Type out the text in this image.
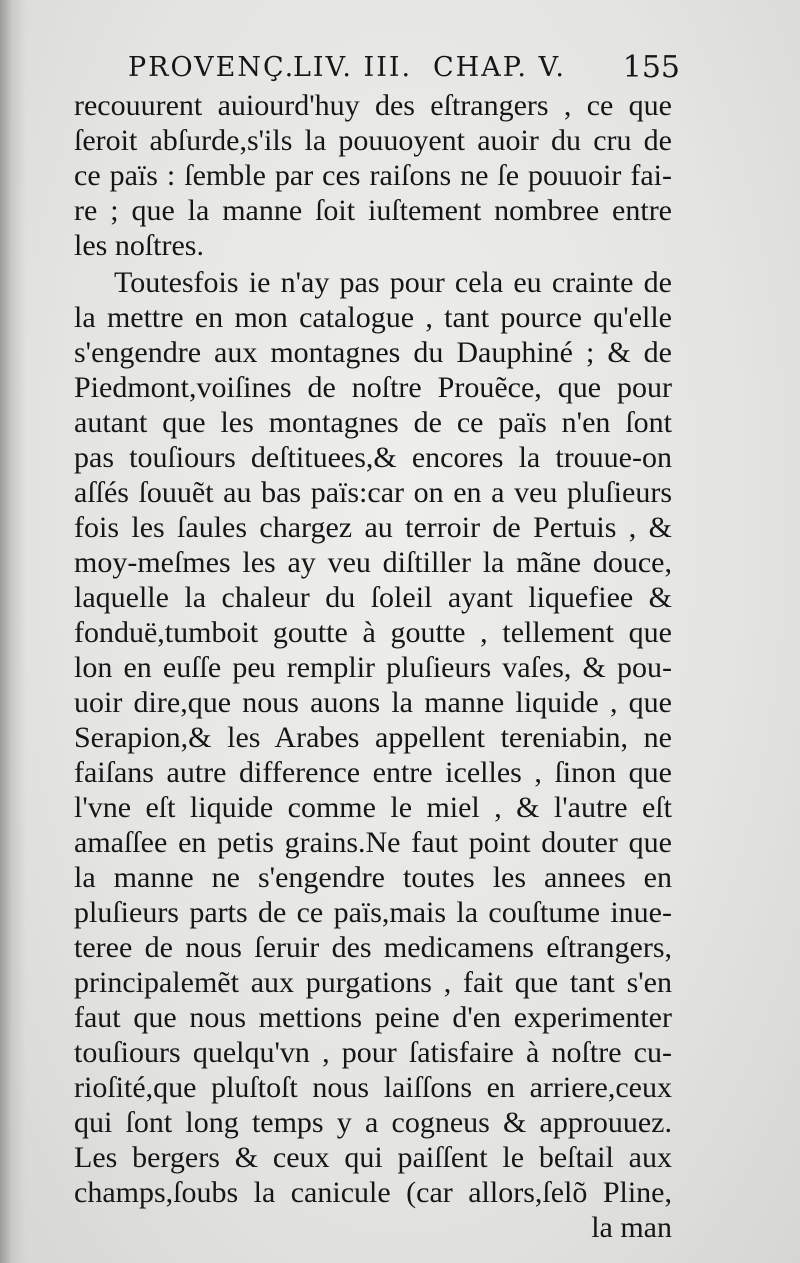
PROVENÇ.
LIV. III. CHAP. V. 155
recouurent auiourd'huy des eſtrangers , ce que
ſeroit abſurde,s'ils la pouuoyent auoir du cru de
ce païs : ſemble par ces raiſons ne ſe pouuoir fai-
re ; que la manne ſoit iuſtement nombree entre
les noſtres.
Toutesfois ie n'ay pas pour cela eu crainte de
la mettre en mon catalogue , tant pource qu'elle
s'engendre aux montagnes du Dauphiné ; & de
Piedmont,voiſines de noſtre Prouẽce, que pour
autant que les montagnes de ce païs n'en ſont
pas touſiours deſtituees,& encores la trouue-on
aſſés ſouuẽt au bas païs:car on en a veu pluſieurs
fois les ſaules chargez au terroir de Pertuis , &
moy-meſmes les ay veu diſtiller la mãne douce,
laquelle la chaleur du ſoleil ayant liquefiee &
fonduë,tumboit goutte à goutte , tellement que
lon en euſſe peu remplir pluſieurs vaſes, & pou-
uoir dire,que nous auons la manne liquide , que
Serapion,& les Arabes appellent tereniabin, ne
faiſans autre difference entre icelles , ſinon que
l'vne eſt liquide comme le miel , & l'autre eſt
amaſſee en petis grains.Ne faut point douter que
la manne ne s'engendre toutes les annees en
pluſieurs parts de ce païs,mais la couſtume inue-
teree de nous ſeruir des medicamens eſtrangers,
principalemẽt aux purgations , fait que tant s'en
faut que nous mettions peine d'en experimenter
touſiours quelqu'vn , pour ſatisfaire à noſtre cu-
rioſité,que pluſtoſt nous laiſſons en arriere,ceux
qui ſont long temps y a cogneus & approuuez.
Les bergers & ceux qui paiſſent le beſtail aux
champs,ſoubs la canicule (car allors,ſelõ Pline,
la man
